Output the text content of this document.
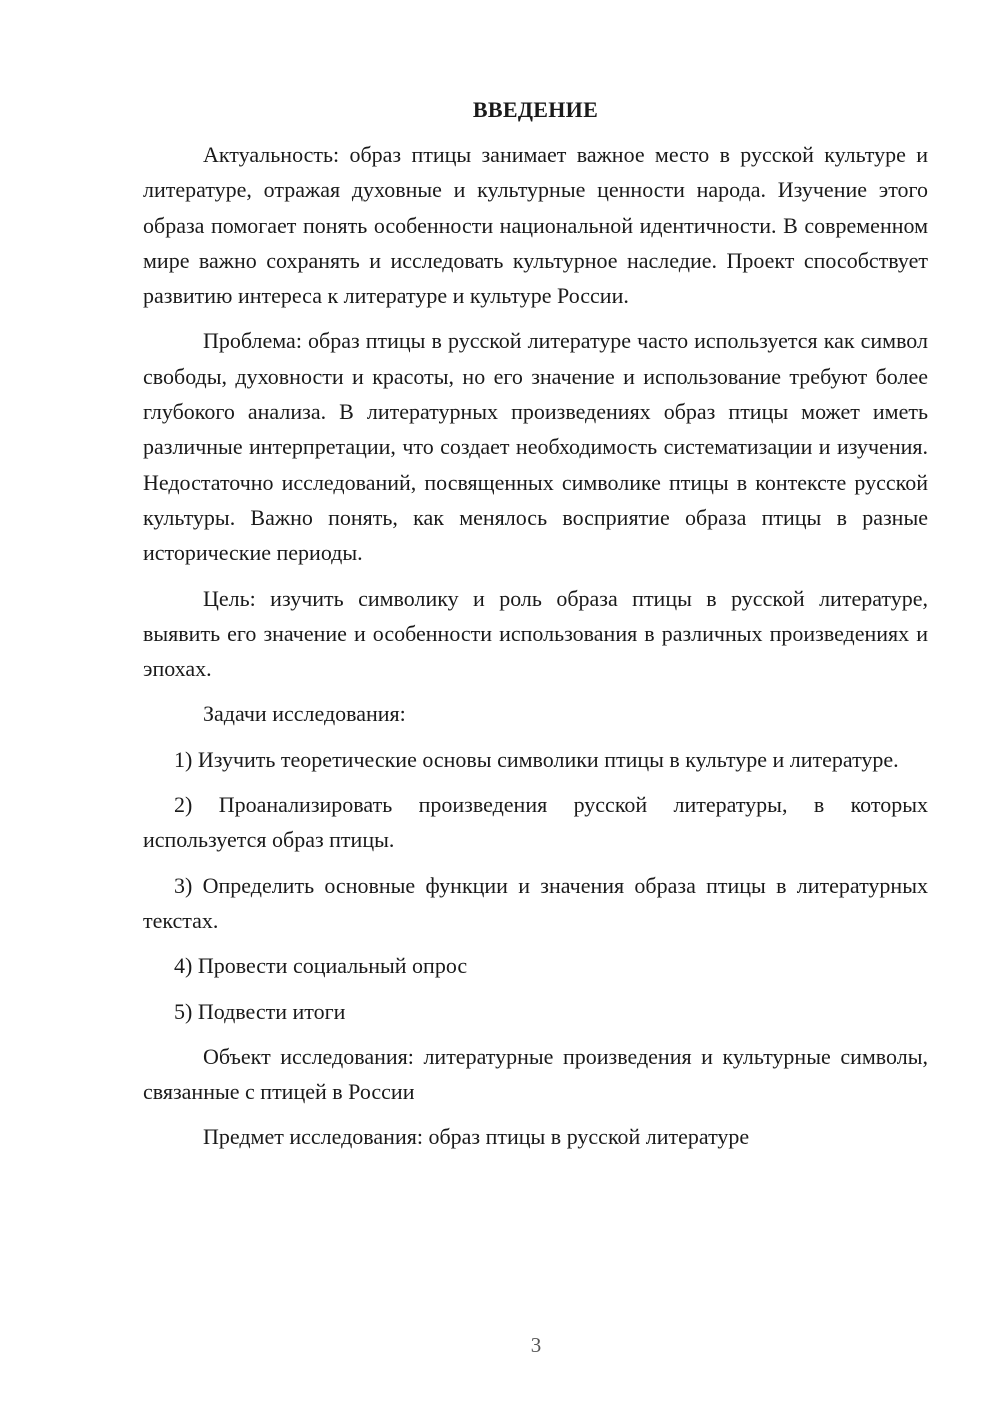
ВВЕДЕНИЕ

Актуальность: образ птицы занимает важное место в русской культуре и литературе, отражая духовные и культурные ценности народа. Изучение этого образа помогает понять особенности национальной идентичности. В современном мире важно сохранять и исследовать культурное наследие. Проект способствует развитию интереса к литературе и культуре России.

Проблема: образ птицы в русской литературе часто используется как символ свободы, духовности и красоты, но его значение и использование требуют более глубокого анализа. В литературных произведениях образ птицы может иметь различные интерпретации, что создает необходимость систематизации и изучения. Недостаточно исследований, посвященных символике птицы в контексте русской культуры. Важно понять, как менялось восприятие образа птицы в разные исторические периоды.

Цель: изучить символику и роль образа птицы в русской литературе, выявить его значение и особенности использования в различных произведениях и эпохах.

Задачи исследования:

1) Изучить теоретические основы символики птицы в культуре и литературе.

2) Проанализировать произведения русской литературы, в которых используется образ птицы.

3) Определить основные функции и значения образа птицы в литературных текстах.

4) Провести социальный опрос

5) Подвести итоги

Объект исследования: литературные произведения и культурные символы, связанные с птицей в России

Предмет исследования: образ птицы в русской литературе

3
